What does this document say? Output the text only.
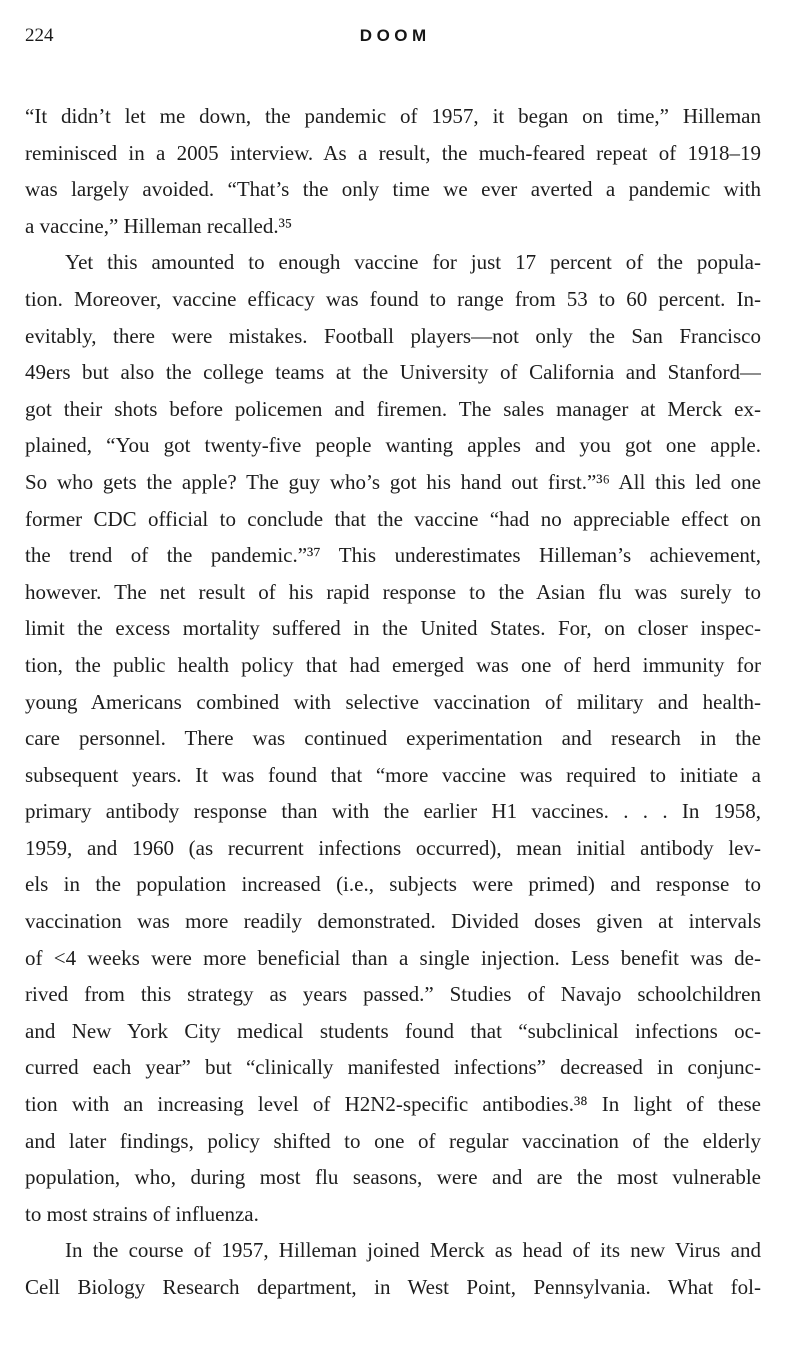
224	DOOM

“It didn’t let me down, the pandemic of 1957, it began on time,” Hilleman
reminisced in a 2005 interview. As a result, the much-feared repeat of 1918–19
was largely avoided. “That’s the only time we ever averted a pandemic with
a vaccine,” Hilleman recalled.³⁵

Yet this amounted to enough vaccine for just 17 percent of the popula-
tion. Moreover, vaccine efficacy was found to range from 53 to 60 percent. In-
evitably, there were mistakes. Football players—not only the San Francisco
49ers but also the college teams at the University of California and Stanford—
got their shots before policemen and firemen. The sales manager at Merck ex-
plained, “You got twenty-five people wanting apples and you got one apple.
So who gets the apple? The guy who’s got his hand out first.”³⁶ All this led one
former CDC official to conclude that the vaccine “had no appreciable effect on
the trend of the pandemic.”³⁷ This underestimates Hilleman’s achievement,
however. The net result of his rapid response to the Asian flu was surely to
limit the excess mortality suffered in the United States. For, on closer inspec-
tion, the public health policy that had emerged was one of herd immunity for
young Americans combined with selective vaccination of military and health-
care personnel. There was continued experimentation and research in the
subsequent years. It was found that “more vaccine was required to initiate a
primary antibody response than with the earlier H1 vaccines. . . . In 1958,
1959, and 1960 (as recurrent infections occurred), mean initial antibody lev-
els in the population increased (i.e., subjects were primed) and response to
vaccination was more readily demonstrated. Divided doses given at intervals
of <4 weeks were more beneficial than a single injection. Less benefit was de-
rived from this strategy as years passed.” Studies of Navajo schoolchildren
and New York City medical students found that “subclinical infections oc-
curred each year” but “clinically manifested infections” decreased in conjunc-
tion with an increasing level of H2N2-specific antibodies.³⁸ In light of these
and later findings, policy shifted to one of regular vaccination of the elderly
population, who, during most flu seasons, were and are the most vulnerable
to most strains of influenza.

In the course of 1957, Hilleman joined Merck as head of its new Virus and
Cell Biology Research department, in West Point, Pennsylvania. What fol-
